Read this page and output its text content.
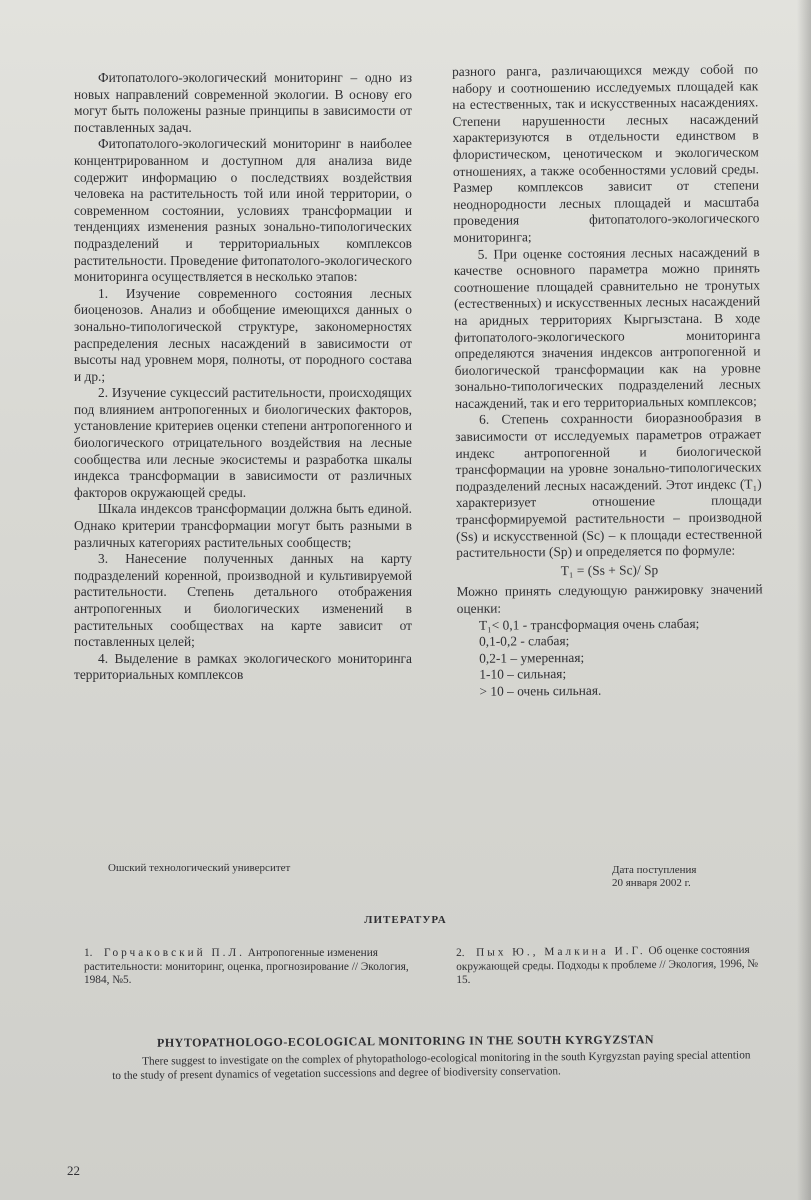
Фитопатолого-экологический мониторинг – одно из новых направлений современной экологии. В основу его могут быть положены разные принципы в зависимости от поставленных задач.

Фитопатолого-экологический мониторинг в наиболее концентрированном и доступном для анализа виде содержит информацию о последствиях воздействия человека на растительность той или иной территории, о современном состоянии, условиях трансформации и тенденциях изменения разных зонально-типологических подразделений и территориальных комплексов растительности. Проведение фитопатолого-экологического мониторинга осуществляется в несколько этапов:

1. Изучение современного состояния лесных биоценозов. Анализ и обобщение имеющихся данных о зонально-типологической структуре, закономерностях распределения лесных насаждений в зависимости от высоты над уровнем моря, полноты, от породного состава и др.;

2. Изучение сукцессий растительности, происходящих под влиянием антропогенных и биологических факторов, установление критериев оценки степени антропогенного и биологического отрицательного воздействия на лесные сообщества или лесные экосистемы и разработка шкалы индекса трансформации в зависимости от различных факторов окружающей среды.

Шкала индексов трансформации должна быть единой. Однако критерии трансформации могут быть разными в различных категориях растительных сообществ;

3. Нанесение полученных данных на карту подразделений коренной, производной и культивируемой растительности. Степень детального отображения антропогенных и биологических изменений в растительных сообществах на карте зависит от поставленных целей;

4. Выделение в рамках экологического мониторинга территориальных комплексов

разного ранга, различающихся между собой по набору и соотношению исследуемых площадей как на естественных, так и искусственных насаждениях. Степени нарушенности лесных насаждений характеризуются в отдельности единством в флористическом, ценотическом и экологическом отношениях, а также особенностями условий среды. Размер комплексов зависит от степени неоднородности лесных площадей и масштаба проведения фитопатолого-экологического мониторинга;

5. При оценке состояния лесных насаждений в качестве основного параметра можно принять соотношение площадей сравнительно не тронутых (естественных) и искусственных лесных насаждений на аридных территориях Кыргызстана. В ходе фитопатолого-экологического мониторинга определяются значения индексов антропогенной и биологической трансформации как на уровне зонально-типологических подразделений лесных насаждений, так и его территориальных комплексов;

6. Степень сохранности биоразнообразия в зависимости от исследуемых параметров отражает индекс антропогенной и биологической трансформации на уровне зонально-типологических подразделений лесных насаждений. Этот индекс (T₁) характеризует отношение площади трансформируемой растительности – производной (Ss) и искусственной (Sc) – к площади естественной растительности (Sp) и определяется по формуле:

T₁ = (Ss + Sc)/ Sp

Можно принять следующую ранжировку значений оценки:

T₁< 0,1 - трансформация очень слабая;
0,1-0,2 - слабая;
0,2-1 – умеренная;
1-10 – сильная;
> 10 – очень сильная.
Ошский технологический университет	Дата поступления
20 января 2002 г.
ЛИТЕРАТУРА
1. Горчаковский П.Л. Антропогенные изменения растительности: мониторинг, оценка, прогнозирование // Экология, 1984, №5.
2. Пых Ю., Малкина И.Г. Об оценке состояния окружающей среды. Подходы к проблеме // Экология, 1996, № 15.
PHYTOPATHOLOGO-ECOLOGICAL MONITORING IN THE SOUTH KYRGYZSTAN
There suggest to investigate on the complex of phytopathologo-ecological monitoring in the south Kyrgyzstan paying special attention to the study of present dynamics of vegetation successions and degree of biodiversity conservation.
22
